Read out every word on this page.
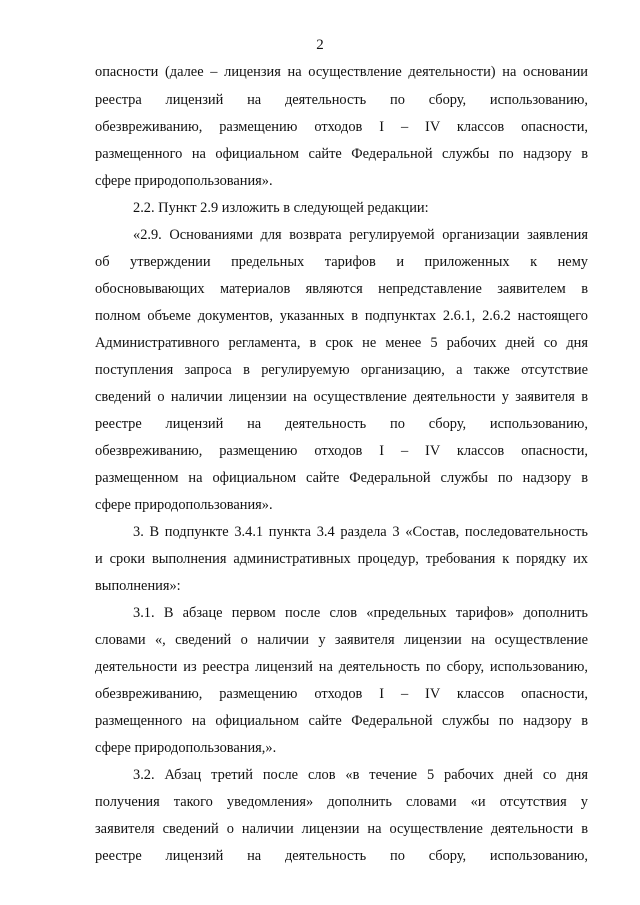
2
опасности (далее – лицензия на осуществление деятельности) на основании
реестра лицензий на деятельность по сбору, использованию,
обезвреживанию, размещению отходов I – IV классов опасности,
размещенного на официальном сайте Федеральной службы по надзору в
сфере природопользования».
2.2. Пункт 2.9 изложить в следующей редакции:
«2.9. Основаниями для возврата регулируемой организации заявления
об утверждении предельных тарифов и приложенных к нему
обосновывающих материалов являются непредставление заявителем в
полном объеме документов, указанных в подпунктах 2.6.1, 2.6.2 настоящего
Административного регламента, в срок не менее 5 рабочих дней со дня
поступления запроса в регулируемую организацию, а также отсутствие
сведений о наличии лицензии на осуществление деятельности у заявителя в
реестре лицензий на деятельность по сбору, использованию,
обезвреживанию, размещению отходов I – IV классов опасности,
размещенном на официальном сайте Федеральной службы по надзору в
сфере природопользования».
3. В подпункте 3.4.1 пункта 3.4 раздела 3 «Состав, последовательность
и сроки выполнения административных процедур, требования к порядку их
выполнения»:
3.1. В абзаце первом после слов «предельных тарифов» дополнить
словами «, сведений о наличии у заявителя лицензии на осуществление
деятельности из реестра лицензий на деятельность по сбору, использованию,
обезвреживанию, размещению отходов I – IV классов опасности,
размещенного на официальном сайте Федеральной службы по надзору в
сфере природопользования,».
3.2. Абзац третий после слов «в течение 5 рабочих дней со дня
получения такого уведомления» дополнить словами «и отсутствия у
заявителя сведений о наличии лицензии на осуществление деятельности в
реестре лицензий на деятельность по сбору, использованию,
